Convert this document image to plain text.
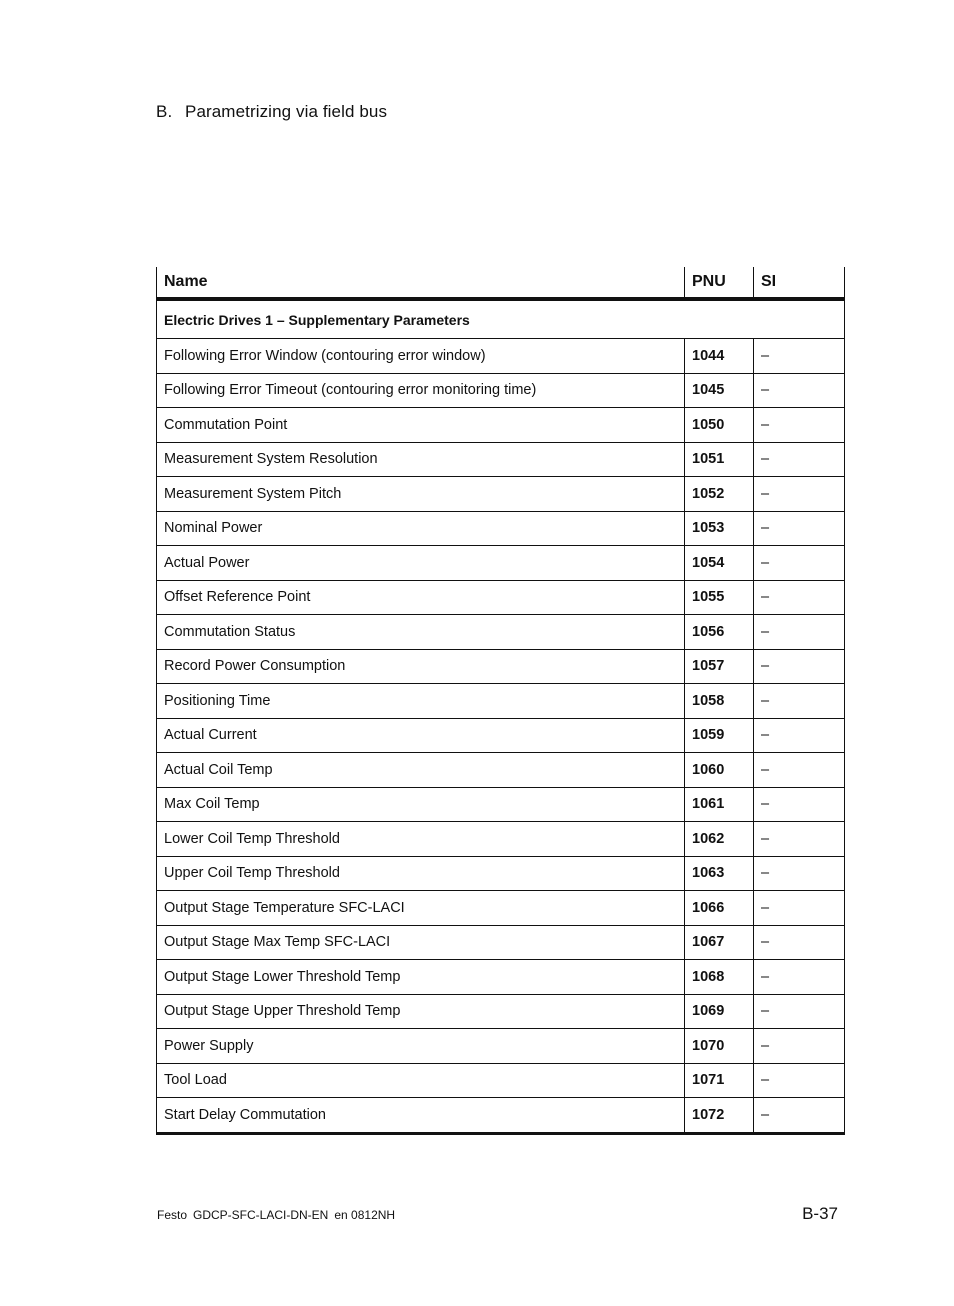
B. Parametrizing via field bus
Name	PNU	SI
Electric Drives 1 – Supplementary Parameters		
Following Error Window (contouring error window)	1044	–
Following Error Timeout (contouring error monitoring time)	1045	–
Commutation Point	1050	–
Measurement System Resolution	1051	–
Measurement System Pitch	1052	–
Nominal Power	1053	–
Actual Power	1054	–
Offset Reference Point	1055	–
Commutation Status	1056	–
Record Power Consumption	1057	–
Positioning Time	1058	–
Actual Current	1059	–
Actual Coil Temp	1060	–
Max Coil Temp	1061	–
Lower Coil Temp Threshold	1062	–
Upper Coil Temp Threshold	1063	–
Output Stage Temperature SFC-LACI	1066	–
Output Stage Max Temp SFC-LACI	1067	–
Output Stage Lower Threshold Temp	1068	–
Output Stage Upper Threshold Temp	1069	–
Power Supply	1070	–
Tool Load	1071	–
Start Delay Commutation	1072	–
Festo GDCP-SFC-LACI-DN-EN en 0812NH	B-37
